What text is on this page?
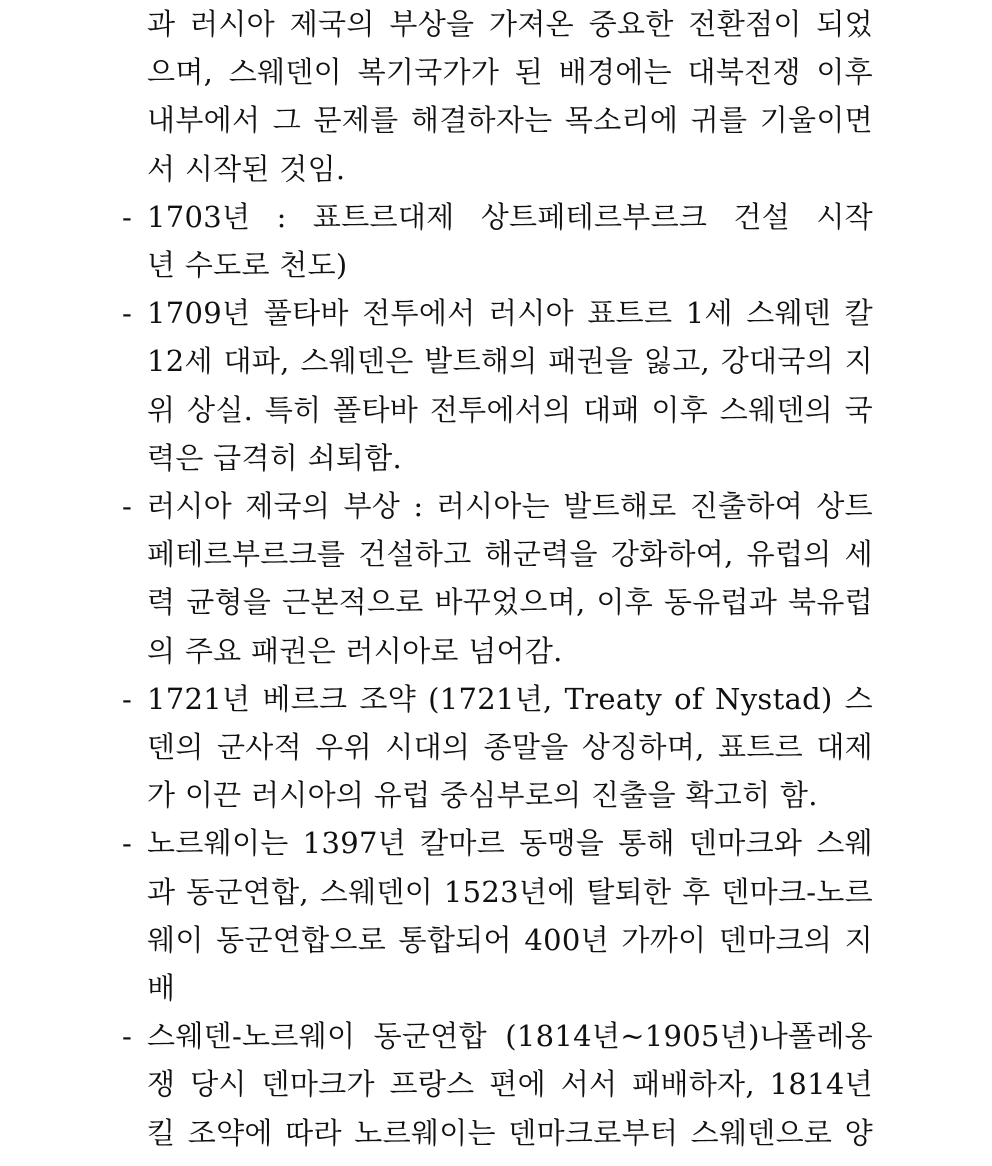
과 러시아 제국의 부상을 가져온 중요한 전환점이 되었
으며, 스웨덴이 복기국가가 된 배경에는 대북전쟁 이후
내부에서 그 문제를 해결하자는 목소리에 귀를 기울이면
서 시작된 것임.
- 1703년 : 표트르대제 상트페테르부르크 건설 시작
년 수도로 천도)
- 1709년 풀타바 전투에서 러시아 표트르 1세 스웨덴 칼
12세 대파, 스웨덴은 발트해의 패권을 잃고, 강대국의 지
위 상실. 특히 폴타바 전투에서의 대패 이후 스웨덴의 국
력은 급격히 쇠퇴함.
- 러시아 제국의 부상 : 러시아는 발트해로 진출하여 상트
페테르부르크를 건설하고 해군력을 강화하여, 유럽의 세
력 균형을 근본적으로 바꾸었으며, 이후 동유럽과 북유럽
의 주요 패권은 러시아로 넘어감.
- 1721년 베르크 조약 (1721년, Treaty of Nystad) 스
덴의 군사적 우위 시대의 종말을 상징하며, 표트르 대제
가 이끈 러시아의 유럽 중심부로의 진출을 확고히 함.
- 노르웨이는 1397년 칼마르 동맹을 통해 덴마크와 스웨
과 동군연합, 스웨덴이 1523년에 탈퇴한 후 덴마크-노르
웨이 동군연합으로 통합되어 400년 가까이 덴마크의 지
배
- 스웨덴-노르웨이 동군연합 (1814년~1905년)나폴레옹
쟁 당시 덴마크가 프랑스 편에 서서 패배하자, 1814년
킬 조약에 따라 노르웨이는 덴마크로부터 스웨덴으로 양
